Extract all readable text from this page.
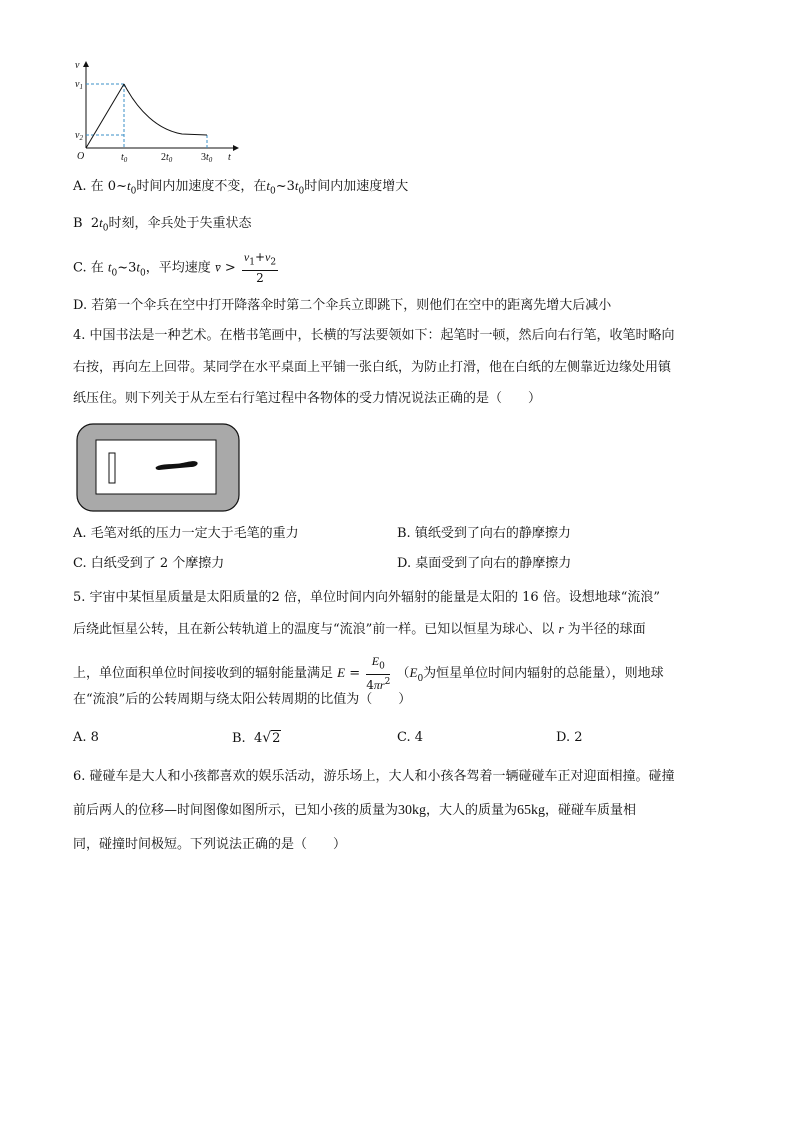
v
$v_1$
$v_2$
O	$t_0$	$2t_0$	$3t_0$ t
A. 在 $0\sim t_0$时间内加速度不变，在$t_0\sim 3t_0$时间内加速度增大
B  $2t_0$时刻，伞兵处于失重状态
C. 在 $t_0\sim 3t_0$，平均速度 v̄ > $\frac{v_1+v_2}{2}$
D. 若第一个伞兵在空中打开降落伞时第二个伞兵立即跳下，则他们在空中的距离先增大后减小
4. 中国书法是一种艺术。在楷书笔画中，长横的写法要领如下：起笔时一顿，然后向右行笔，收笔时略向
右按，再向左上回带。某同学在水平桌面上平铺一张白纸，为防止打滑，他在白纸的左侧靠近边缘处用镇
纸压住。则下列关于从左至右行笔过程中各物体的受力情况说法正确的是（　　）
A. 毛笔对纸的压力一定大于毛笔的重力	B. 镇纸受到了向右的静摩擦力
C. 白纸受到了 2 个摩擦力	D. 桌面受到了向右的静摩擦力
5. 宇宙中某恒星质量是太阳质量的2 倍，单位时间内向外辐射的能量是太阳的 16 倍。设想地球“流浪”
后绕此恒星公转，且在新公转轨道上的温度与“流浪”前一样。已知以恒星为球心、以 r 为半径的球面
上，单位面积单位时间接收到的辐射能量满足 $E = \frac{E_0}{4\pi r^2} (E_0$为恒星单位时间内辐射的总能量），则地球
在“流浪”后的公转周期与绕太阳公转周期的比值为（　　）
A. 8	B.  4√2	C. 4	D. 2
6. 碰碰车是大人和小孩都喜欢的娱乐活动，游乐场上，大人和小孩各驾着一辆碰碰车正对迎面相撞。碰撞
前后两人的位移—时间图像如图所示，已知小孩的质量为30kg，大人的质量为65kg，碰碰车质量相
同，碰撞时间极短。下列说法正确的是（　　）
